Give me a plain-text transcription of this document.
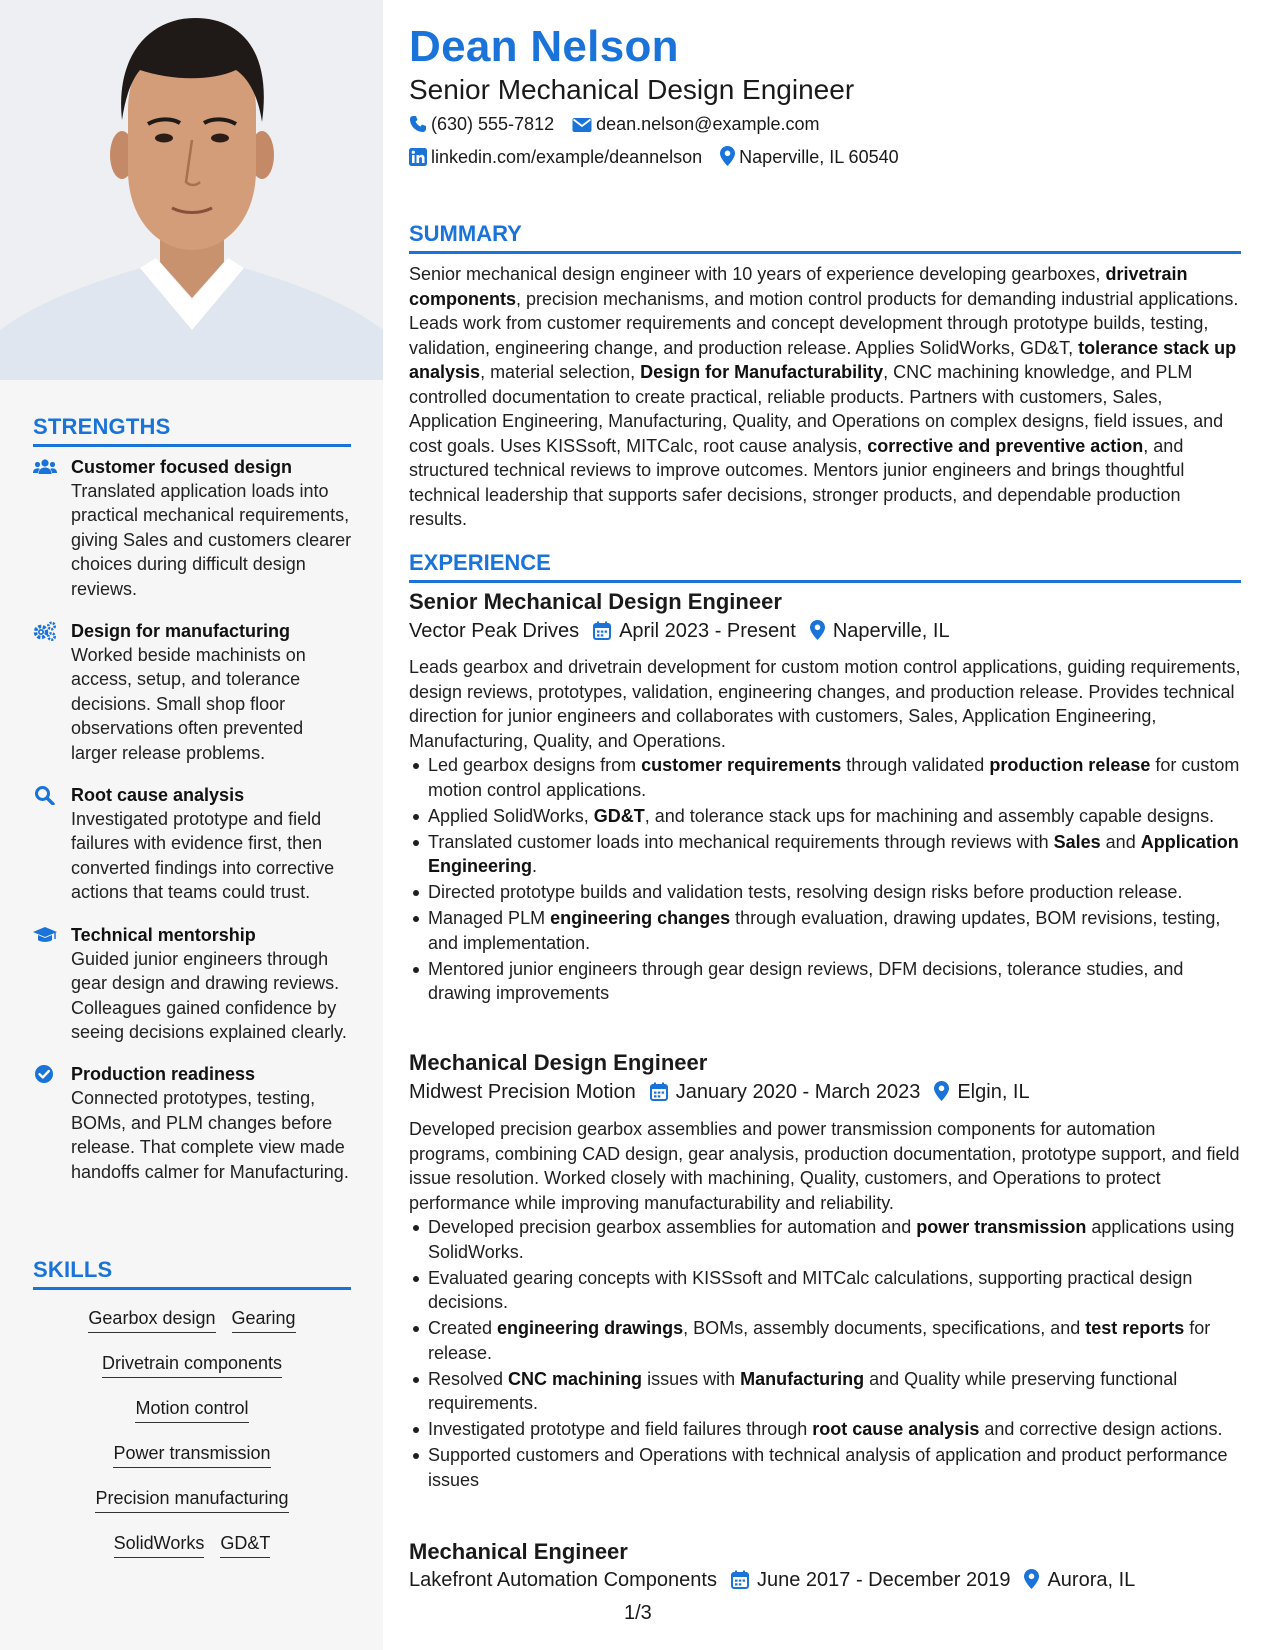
STRENGTHS
Customer focused design
Translated application loads into practical mechanical requirements, giving Sales and customers clearer choices during difficult design reviews.
Design for manufacturing
Worked beside machinists on access, setup, and tolerance decisions. Small shop floor observations often prevented larger release problems.
Root cause analysis
Investigated prototype and field failures with evidence first, then converted findings into corrective actions that teams could trust.
Technical mentorship
Guided junior engineers through gear design and drawing reviews. Colleagues gained confidence by seeing decisions explained clearly.
Production readiness
Connected prototypes, testing, BOMs, and PLM changes before release. That complete view made handoffs calmer for Manufacturing.
SKILLS
Gearbox design Gearing
Drivetrain components
Motion control
Power transmission
Precision manufacturing
SolidWorks GD&T
Dean Nelson
Senior Mechanical Design Engineer
(630) 555-7812 dean.nelson@example.com
linkedin.com/example/deannelson Naperville, IL 60540
SUMMARY
Senior mechanical design engineer with 10 years of experience developing gearboxes, drivetrain components, precision mechanisms, and motion control products for demanding industrial applications. Leads work from customer requirements and concept development through prototype builds, testing, validation, engineering change, and production release. Applies SolidWorks, GD&T, tolerance stack up analysis, material selection, Design for Manufacturability, CNC machining knowledge, and PLM controlled documentation to create practical, reliable products. Partners with customers, Sales, Application Engineering, Manufacturing, Quality, and Operations on complex designs, field issues, and cost goals. Uses KISSsoft, MITCalc, root cause analysis, corrective and preventive action, and structured technical reviews to improve outcomes. Mentors junior engineers and brings thoughtful technical leadership that supports safer decisions, stronger products, and dependable production results.
EXPERIENCE
Senior Mechanical Design Engineer
Vector Peak Drives April 2023 - Present Naperville, IL
Leads gearbox and drivetrain development for custom motion control applications, guiding requirements, design reviews, prototypes, validation, engineering changes, and production release. Provides technical direction for junior engineers and collaborates with customers, Sales, Application Engineering, Manufacturing, Quality, and Operations.
Led gearbox designs from customer requirements through validated production release for custom motion control applications.
Applied SolidWorks, GD&T, and tolerance stack ups for machining and assembly capable designs.
Translated customer loads into mechanical requirements through reviews with Sales and Application Engineering.
Directed prototype builds and validation tests, resolving design risks before production release.
Managed PLM engineering changes through evaluation, drawing updates, BOM revisions, testing, and implementation.
Mentored junior engineers through gear design reviews, DFM decisions, tolerance studies, and drawing improvements
Mechanical Design Engineer
Midwest Precision Motion January 2020 - March 2023 Elgin, IL
Developed precision gearbox assemblies and power transmission components for automation programs, combining CAD design, gear analysis, production documentation, prototype support, and field issue resolution. Worked closely with machining, Quality, customers, and Operations to protect performance while improving manufacturability and reliability.
Developed precision gearbox assemblies for automation and power transmission applications using SolidWorks.
Evaluated gearing concepts with KISSsoft and MITCalc calculations, supporting practical design decisions.
Created engineering drawings, BOMs, assembly documents, specifications, and test reports for release.
Resolved CNC machining issues with Manufacturing and Quality while preserving functional requirements.
Investigated prototype and field failures through root cause analysis and corrective design actions.
Supported customers and Operations with technical analysis of application and product performance issues
Mechanical Engineer
Lakefront Automation Components June 2017 - December 2019 Aurora, IL
1/3
